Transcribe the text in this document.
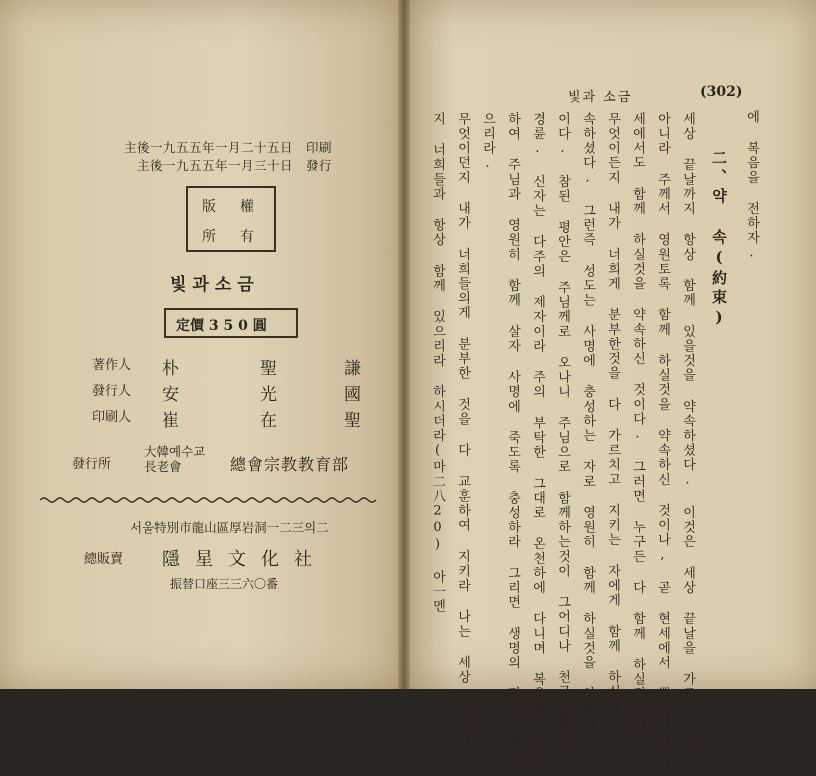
主後一九五五年一月二十五日　印刷
主後一九五五年一月三十日　發行
版 權
所 有
빛과소금
定價 3 5 0 圓
著作人 朴	聖	謙
發行人 安	光	國
印刷人 崔	在	聖
發行所
大韓예수교
長老會	總會宗教教育部
서울特別市龍山區厚岩洞一二三의二
總販賣 隱星文化社
振替口座三三六〇番
빛과 소금	(302)
에 복음을 전하자.
二、약 속(約束)
세상 끝날까지 항상 함께 있을것을 약속하셨다. 이것은 세상 끝날을 가르친 것이
아니라 주께서 영원토록 함께 하실것을 약속하신 것이나, 곧 현세에서 뿐아니라 내
세에서도 함께 하실것을 약속하신 것이다. 그러면 누구든 다 함께 하실것인가?
무엇이든지 내가 너희게 분부한것을 다 가르치고 지키는 자에게 함께 하실것을 약
속하셨다. 그런즉 성도는 사명에 충성하는 자로 영원히 함께 하실것을 약속하신 것
이다. 참된 평안은 주님께로 오나니 주님으로 함께하는것이 그어디나 천국생활이다.
경륜. 신자는 다주의 제자이라 주의 부탁한 그대로 온천하에 다니며 복음을 전파
하여 주님과 영원히 함께 살자 사명에 죽도록 충성하라 그리면 생명의 면류관을 얻
으리라.
무엇이던지 내가 너희들의게 분부한 것을 다 교훈하여 지키라 나는 세상 끝날까
지 너희들과 항상 함께 있으리라 하시더라(마二八20) 아一멘
